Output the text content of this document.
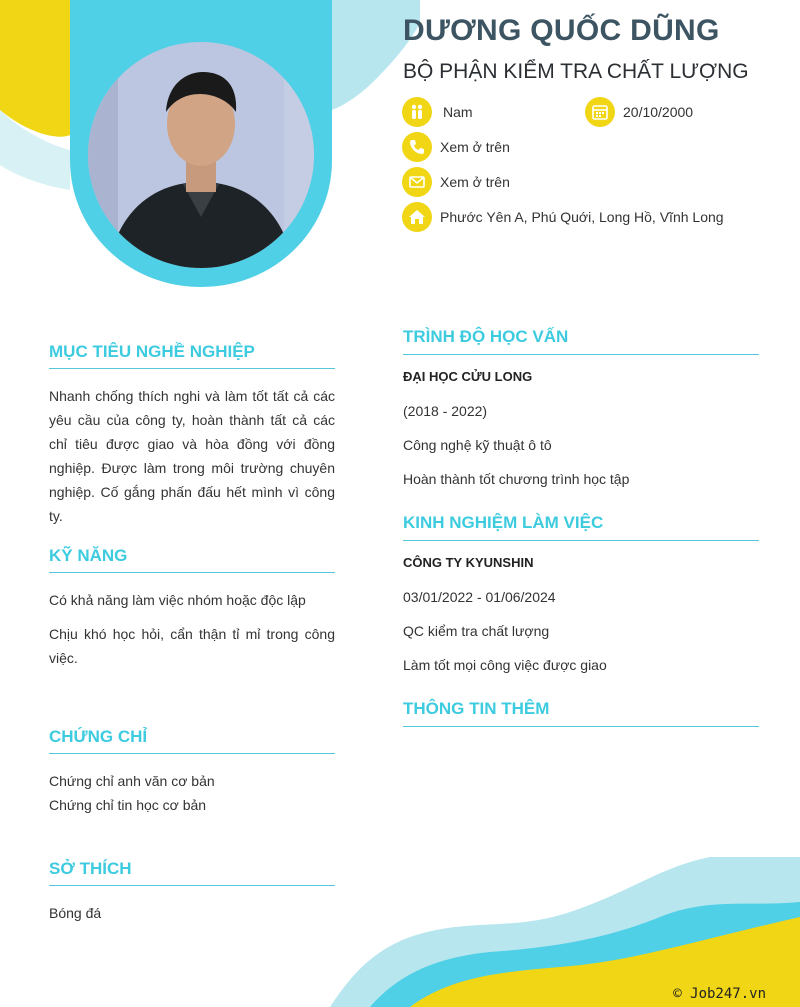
DƯƠNG QUỐC DŨNG
BỘ PHẬN KIỂM TRA CHẤT LƯỢNG
Nam	20/10/2000
Xem ở trên
Xem ở trên
Phước Yên A, Phú Quới, Long Hồ, Vĩnh Long
MỤC TIÊU NGHỀ NGHIỆP
Nhanh chống thích nghi và làm tốt tất cả các yêu cầu của công ty, hoàn thành tất cả các chỉ tiêu được giao và hòa đồng với đồng nghiệp. Được làm trong môi trường chuyên nghiệp. Cố gắng phấn đấu hết mình vì công ty.
KỸ NĂNG
Có khả năng làm việc nhóm hoặc độc lập
Chịu khó học hỏi, cẩn thận tỉ mỉ trong công việc.
CHỨNG CHỈ
Chứng chỉ anh văn cơ bản
Chứng chỉ tin học cơ bản
SỞ THÍCH
Bóng đá
TRÌNH ĐỘ HỌC VẤN
ĐẠI HỌC CỬU LONG
(2018 - 2022)
Công nghệ kỹ thuật ô tô
Hoàn thành tốt chương trình học tập
KINH NGHIỆM LÀM VIỆC
CÔNG TY KYUNSHIN
03/01/2022 - 01/06/2024
QC kiểm tra chất lượng
Làm tốt mọi công việc được giao
THÔNG TIN THÊM
© Job247.vn
